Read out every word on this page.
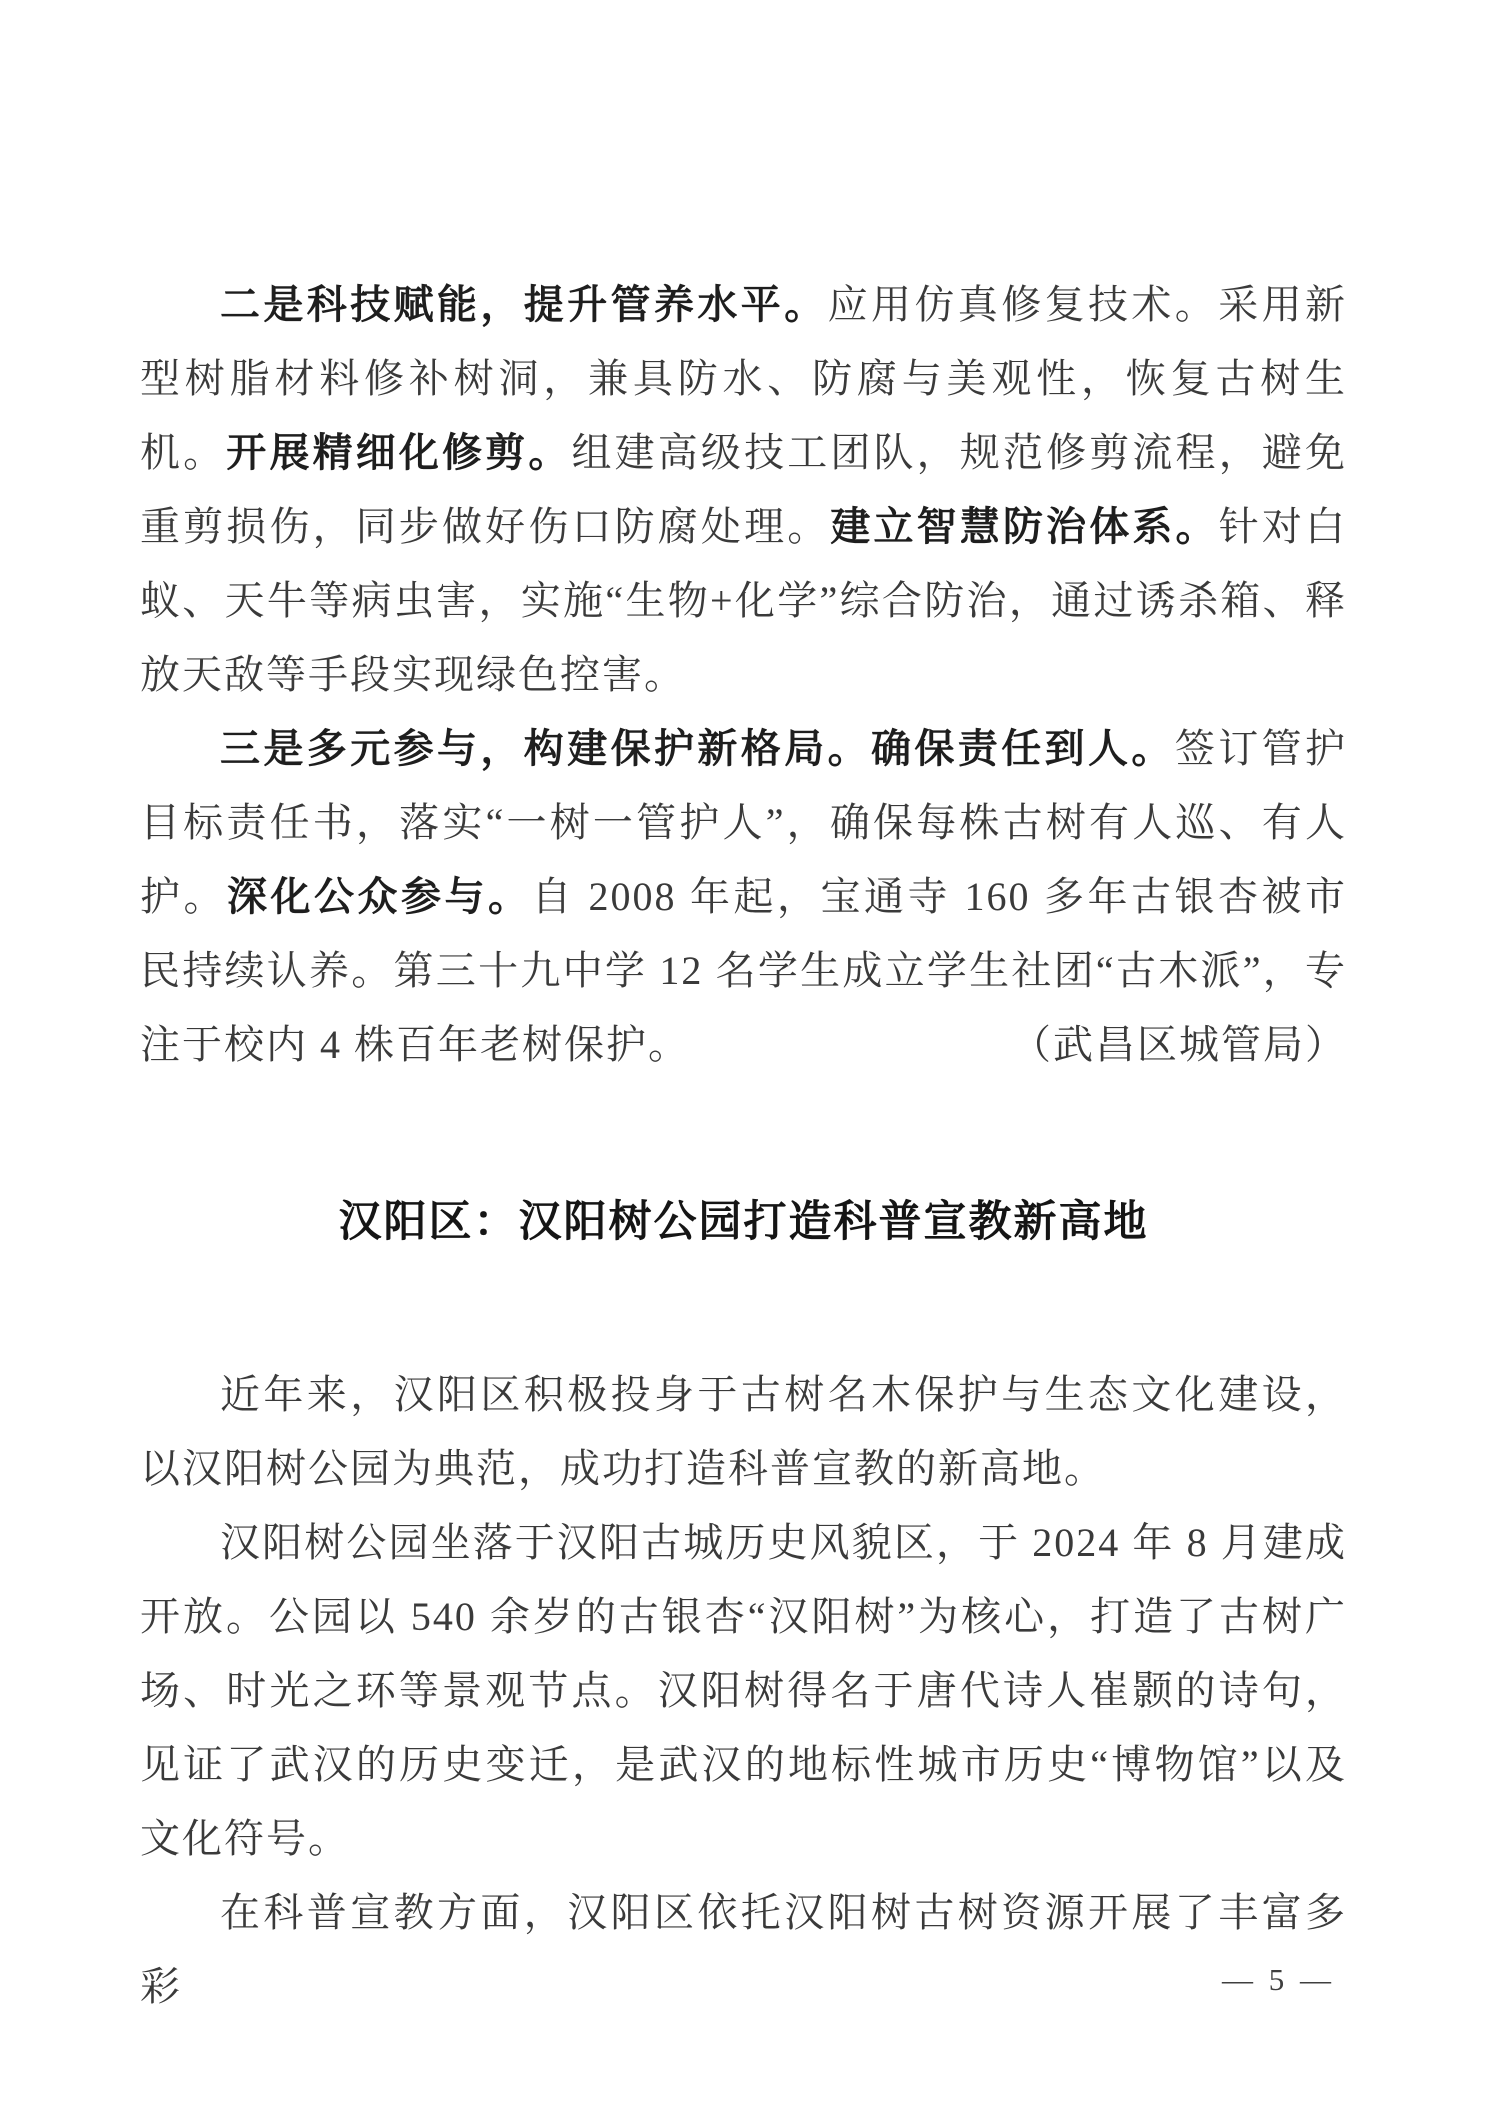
二是科技赋能，提升管养水平。应用仿真修复技术。采用新型树脂材料修补树洞，兼具防水、防腐与美观性，恢复古树生机。开展精细化修剪。组建高级技工团队，规范修剪流程，避免重剪损伤，同步做好伤口防腐处理。建立智慧防治体系。针对白蚁、天牛等病虫害，实施“生物+化学”综合防治，通过诱杀箱、释放天敌等手段实现绿色控害。

三是多元参与，构建保护新格局。确保责任到人。签订管护目标责任书，落实“一树一管护人”，确保每株古树有人巡、有人护。深化公众参与。自 2008 年起，宝通寺 160 多年古银杏被市民持续认养。第三十九中学 12 名学生成立学生社团“古木派”，专注于校内 4 株百年老树保护。	（武昌区城管局）
汉阳区：汉阳树公园打造科普宣教新高地

近年来，汉阳区积极投身于古树名木保护与生态文化建设，以汉阳树公园为典范，成功打造科普宣教的新高地。

汉阳树公园坐落于汉阳古城历史风貌区，于 2024 年 8 月建成开放。公园以 540 余岁的古银杏“汉阳树”为核心，打造了古树广场、时光之环等景观节点。汉阳树得名于唐代诗人崔颢的诗句，见证了武汉的历史变迁，是武汉的地标性城市历史“博物馆”以及文化符号。

在科普宣教方面，汉阳区依托汉阳树古树资源开展了丰富多彩	— 5 —
